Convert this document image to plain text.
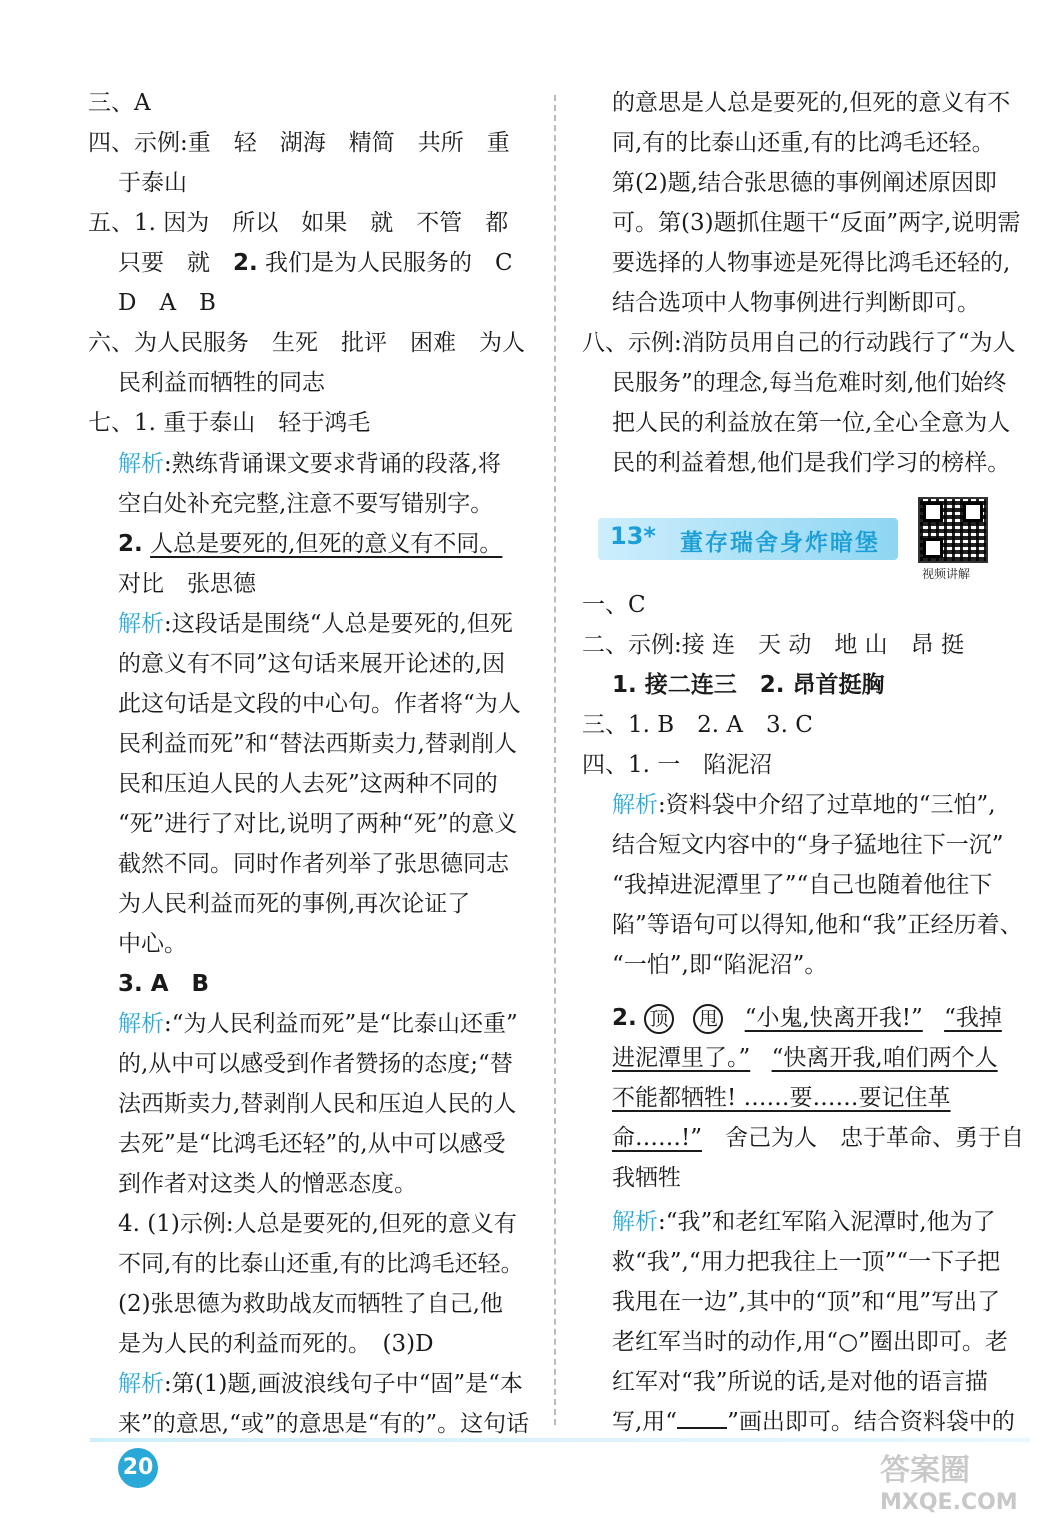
三、A
四、示例:重　轻　湖海　精简　共所　重
于泰山
五、1. 因为　所以　如果　就　不管　都
只要　就　2. 我们是为人民服务的　C
D　A　B
六、为人民服务　生死　批评　困难　为人
民利益而牺牲的同志
七、1. 重于泰山　轻于鸿毛
解析:熟练背诵课文要求背诵的段落,将
空白处补充完整,注意不要写错别字。
2. 人总是要死的,但死的意义有不同。
对比　张思德
解析:这段话是围绕“人总是要死的,但死
的意义有不同”这句话来展开论述的,因
此这句话是文段的中心句。作者将“为人
民利益而死”和“替法西斯卖力,替剥削人
民和压迫人民的人去死”这两种不同的
“死”进行了对比,说明了两种“死”的意义
截然不同。同时作者列举了张思德同志
为人民利益而死的事例,再次论证了
中心。
3. A　B
解析:“为人民利益而死”是“比泰山还重”
的,从中可以感受到作者赞扬的态度;“替
法西斯卖力,替剥削人民和压迫人民的人
去死”是“比鸿毛还轻”的,从中可以感受
到作者对这类人的憎恶态度。
4. (1)示例:人总是要死的,但死的意义有
不同,有的比泰山还重,有的比鸿毛还轻。
(2)张思德为救助战友而牺牲了自己,他
是为人民的利益而死的。　(3)D
解析:第(1)题,画波浪线句子中“固”是“本
来”的意思,“或”的意思是“有的”。这句话
的意思是人总是要死的,但死的意义有不
同,有的比泰山还重,有的比鸿毛还轻。
第(2)题,结合张思德的事例阐述原因即
可。第(3)题抓住题干“反面”两字,说明需
要选择的人物事迹是死得比鸿毛还轻的,
结合选项中人物事例进行判断即可。
八、示例:消防员用自己的行动践行了“为人
民服务”的理念,每当危难时刻,他们始终
把人民的利益放在第一位,全心全意为人
民的利益着想,他们是我们学习的榜样。
13* 董存瑞舍身炸暗堡
视频讲解
一、C
二、示例:接 连　天 动　地 山　昂 挺
1. 接二连三　2. 昂首挺胸
三、1. B　2. A　3. C
四、1. 一　陷泥沼
解析:资料袋中介绍了过草地的“三怕”,
结合短文内容中的“身子猛地往下一沉”
“我掉进泥潭里了”“自己也随着他往下
陷”等语句可以得知,他和“我”正经历着、
“一怕”,即“陷泥沼”。
2. 顶 甩 “小鬼,快离开我!” “我掉
进泥潭里了。” “快离开我,咱们两个人
不能都牺牲! ……要……要记住革
命……!”　舍己为人　忠于革命、勇于自
我牺牲
解析:“我”和老红军陷入泥潭时,他为了
救“我”,“用力把我往上一顶”“一下子把
我甩在一边”,其中的“顶”和“甩”写出了
老红军当时的动作,用“○”圈出即可。老
红军对“我”所说的话,是对他的语言描
写,用“ ”画出即可。结合资料袋中的
20	答案圈
MXQE.COM
